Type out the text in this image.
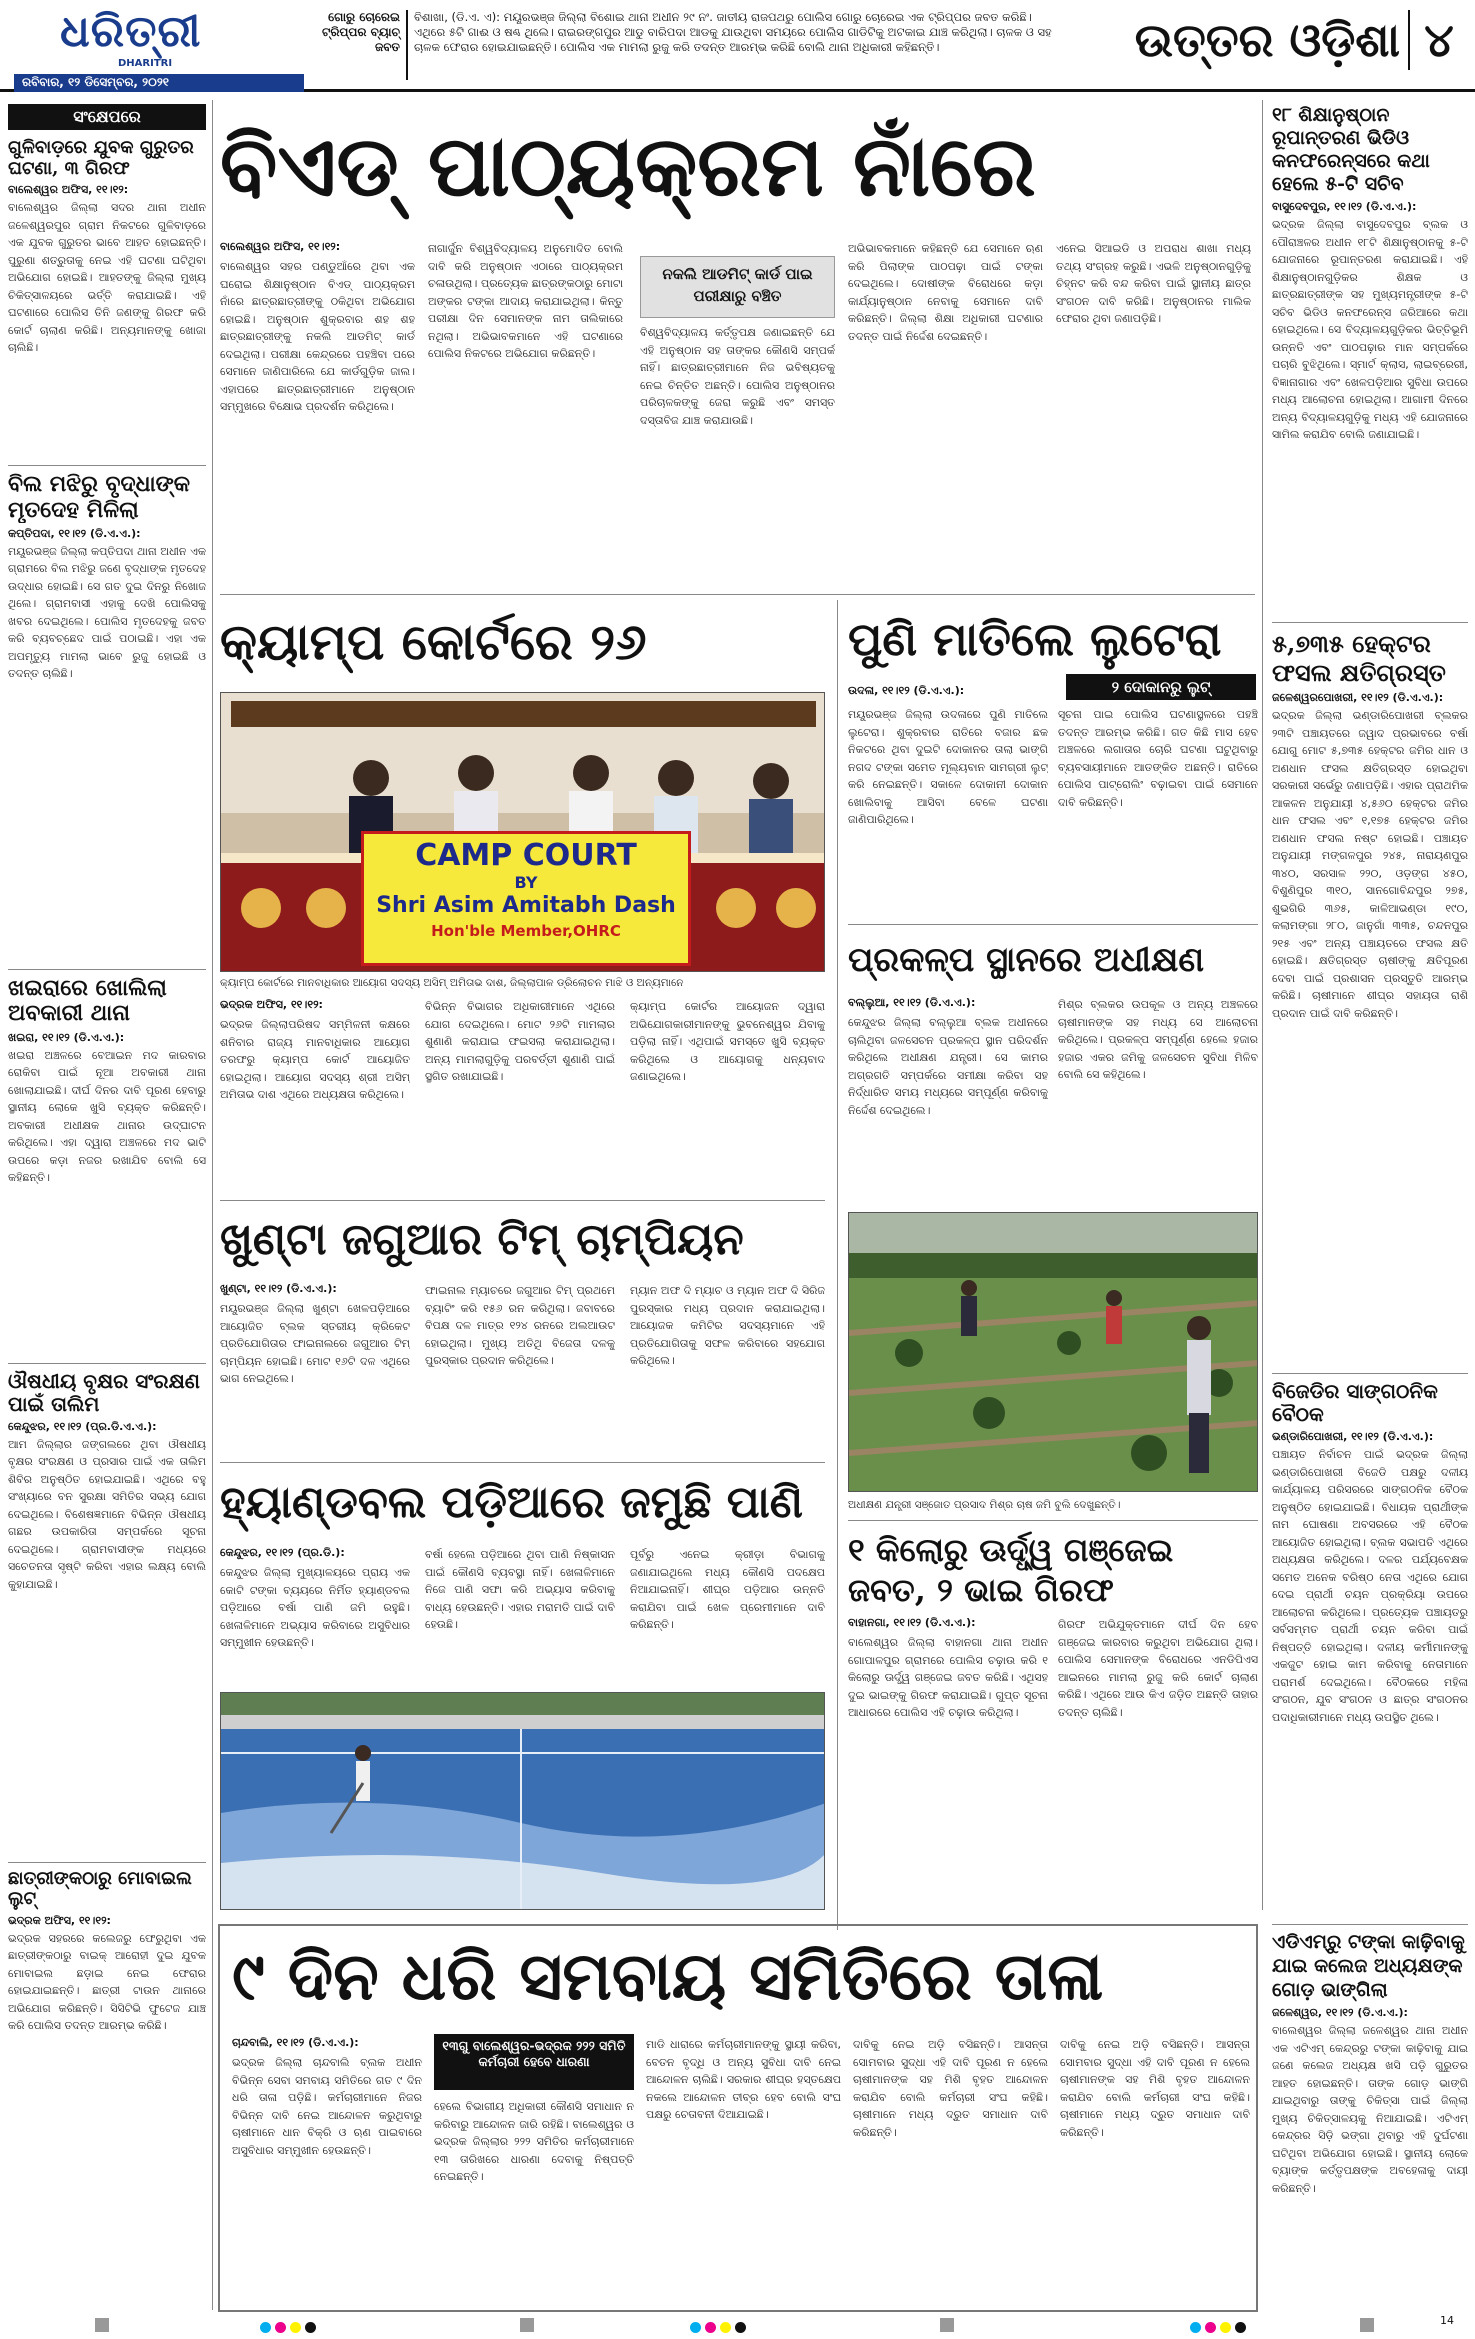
ଧରିତ୍ରୀ
DHARITRI
ରବିବାର, ୧୨ ଡିସେମ୍ବର, ୨୦୨୧
ଗୋରୁ ଚୋରେଇ ଟ୍ରିପ୍ପର ବ୍ୟାଚ୍ ଜବତ
ବିଶାଖା, (ଡି.ଏ. ଏ): ମୟୂରଭଞ୍ଜ ଜିଲ୍ଲା ବିଶୋଇ ଥାନା ଅଧୀନ ୨୯ ନଂ. ଜାତୀୟ ରାଜପଥରୁ ପୋଲିସ ଗୋରୁ ଚୋରେଇ ଏକ ଟ୍ରିପ୍ପର ଜବତ କରିଛି। ଏଥିରେ ୫ଟି ଗାଈ ଓ ଷଣ୍ଢ ଥିଲେ। ରାଇରଙ୍ଗପୁର ଆଡୁ ବାରିପଦା ଆଡକୁ ଯାଉଥିବା ସମୟରେ ପୋଲିସ ଗାଡିଟିକୁ ଅଟକାଇ ଯାଞ୍ଚ କରିଥିଲା। ଚାଳକ ଓ ସହ ଚାଳକ ଫେରାର ହୋଇଯାଇଛନ୍ତି। ପୋଲିସ ଏକ ମାମଲା ରୁଜୁ କରି ତଦନ୍ତ ଆରମ୍ଭ କରିଛି ବୋଲି ଥାନା ଅଧିକାରୀ କହିଛନ୍ତି।	ଉତ୍ତର ଓଡ଼ିଶା ୪
ସଂକ୍ଷେପରେ
ଗୁଳିବାଡ଼ରେ ଯୁବକ ଗୁରୁତର ଘଟଣା, ୩ ଗିରଫ
ବାଲେଶ୍ୱର ଅଫିସ, ୧୧।୧୨:
ବାଲେଶ୍ୱର ଜିଲ୍ଲା ସଦର ଥାନା ଅଧୀନ ଜଳେଶ୍ୱରପୁର ଗ୍ରାମ ନିକଟରେ ଗୁଳିବାଡ଼ରେ ଏକ ଯୁବକ ଗୁରୁତର ଭାବେ ଆହତ ହୋଇଛନ୍ତି। ପୁରୁଣା ଶତ୍ରୁତାକୁ ନେଇ ଏହି ଘଟଣା ଘଟିଥିବା ଅଭିଯୋଗ ହୋଇଛି। ଆହତଙ୍କୁ ଜିଲ୍ଲା ମୁଖ୍ୟ ଚିକିତ୍ସାଳୟରେ ଭର୍ତ୍ତି କରାଯାଇଛି। ଏହି ଘଟଣାରେ ପୋଲିସ ତିନି ଜଣଙ୍କୁ ଗିରଫ କରି କୋର୍ଟ ଚାଲାଣ କରିଛି। ଅନ୍ୟମାନଙ୍କୁ ଖୋଜା ଚାଲିଛି।
ବିଲ ମଝିରୁ ବୃଦ୍ଧାଙ୍କ ମୃତଦେହ ମିଳିଲା
କପ୍ତିପଦା, ୧୧।୧୨ (ଡି.ଏ.ଏ.):
ମୟୂରଭଞ୍ଜ ଜିଲ୍ଲା କପ୍ତିପଦା ଥାନା ଅଧୀନ ଏକ ଗ୍ରାମରେ ବିଲ ମଝିରୁ ଜଣେ ବୃଦ୍ଧାଙ୍କ ମୃତଦେହ ଉଦ୍ଧାର ହୋଇଛି। ସେ ଗତ ଦୁଇ ଦିନରୁ ନିଖୋଜ ଥିଲେ। ଗ୍ରାମବାସୀ ଏହାକୁ ଦେଖି ପୋଲିସକୁ ଖବର ଦେଇଥିଲେ। ପୋଲିସ ମୃତଦେହକୁ ଜବତ କରି ବ୍ୟବଚ୍ଛେଦ ପାଇଁ ପଠାଇଛି। ଏହା ଏକ ଅପମୃତ୍ୟୁ ମାମଲା ଭାବେ ରୁଜୁ ହୋଇଛି ଓ ତଦନ୍ତ ଚାଲିଛି।
ଖଇରାରେ ଖୋଲିଲା ଅବକାରୀ ଥାନା
ଖଇରା, ୧୧।୧୨ (ଡି.ଏ.ଏ.):
ଖଇରା ଅଞ୍ଚଳରେ ବେଆଇନ ମଦ କାରବାର ରୋକିବା ପାଇଁ ନୂଆ ଅବକାରୀ ଥାନା ଖୋଲାଯାଇଛି। ଦୀର୍ଘ ଦିନର ଦାବି ପୂରଣ ହେବାରୁ ସ୍ଥାନୀୟ ଲୋକେ ଖୁସି ବ୍ୟକ୍ତ କରିଛନ୍ତି। ଅବକାରୀ ଅଧୀକ୍ଷକ ଥାନାର ଉଦ୍‌ଘାଟନ କରିଥିଲେ। ଏହା ଦ୍ୱାରା ଅଞ୍ଚଳରେ ମଦ ଭାଟି ଉପରେ କଡ଼ା ନଜର ରଖାଯିବ ବୋଲି ସେ କହିଛନ୍ତି।
ଔଷଧୀୟ ବୃକ୍ଷର ସଂରକ୍ଷଣ ପାଇଁ ତାଲିମ
କେନ୍ଦୁଝର, ୧୧।୧୨ (ପ୍ର.ଡି.ଏ.ଏ.):
ଆମ ଜିଲ୍ଲାର ଜଙ୍ଗଲରେ ଥିବା ଔଷଧୀୟ ବୃକ୍ଷର ସଂରକ୍ଷଣ ଓ ପ୍ରସାର ପାଇଁ ଏକ ତାଲିମ ଶିବିର ଅନୁଷ୍ଠିତ ହୋଇଯାଇଛି। ଏଥିରେ ବହୁ ସଂଖ୍ୟାରେ ବନ ସୁରକ୍ଷା ସମିତିର ସଭ୍ୟ ଯୋଗ ଦେଇଥିଲେ। ବିଶେଷଜ୍ଞମାନେ ବିଭିନ୍ନ ଔଷଧୀୟ ଗଛର ଉପକାରିତା ସମ୍ପର୍କରେ ସୂଚନା ଦେଇଥିଲେ। ଗ୍ରାମବାସୀଙ୍କ ମଧ୍ୟରେ ସଚେତନତା ସୃଷ୍ଟି କରିବା ଏହାର ଲକ୍ଷ୍ୟ ବୋଲି କୁହାଯାଇଛି।
ଛାତ୍ରୀଙ୍କଠାରୁ ମୋବାଇଲ ଲୁଟ୍
ଭଦ୍ରକ ଅଫିସ, ୧୧।୧୨:
ଭଦ୍ରକ ସହରରେ କଲେଜରୁ ଫେରୁଥିବା ଏକ ଛାତ୍ରୀଙ୍କଠାରୁ ବାଇକ୍ ଆରୋହୀ ଦୁଇ ଯୁବକ ମୋବାଇଲ ଛଡ଼ାଇ ନେଇ ଫେରାର ହୋଇଯାଇଛନ୍ତି। ଛାତ୍ରୀ ଟାଉନ ଥାନାରେ ଅଭିଯୋଗ କରିଛନ୍ତି। ସିସିଟିଭି ଫୁଟେଜ ଯାଞ୍ଚ କରି ପୋଲିସ ତଦନ୍ତ ଆରମ୍ଭ କରିଛି।
ବିଏଡ୍ ପାଠ୍ୟକ୍ରମ ନାଁରେ
ବାଲେଶ୍ୱର ଅଫିସ, ୧୧।୧୨:
ବାଲେଶ୍ୱର ସହର ପଣ୍ଡୁଆଁରେ ଥିବା ଏକ ଘରୋଇ ଶିକ୍ଷାନୁଷ୍ଠାନ ବିଏଡ୍ ପାଠ୍ୟକ୍ରମ ନାଁରେ ଛାତ୍ରଛାତ୍ରୀଙ୍କୁ ଠକିଥିବା ଅଭିଯୋଗ ହୋଇଛି। ଅନୁଷ୍ଠାନ ଶୁକ୍ରବାର ଶହ ଶହ ଛାତ୍ରଛାତ୍ରୀଙ୍କୁ ନକଲି ଆଡମିଟ୍ କାର୍ଡ ଦେଇଥିଲା। ପରୀକ୍ଷା କେନ୍ଦ୍ରରେ ପହଞ୍ଚିବା ପରେ ସେମାନେ ଜାଣିପାରିଲେ ଯେ କାର୍ଡଗୁଡ଼ିକ ଜାଲ। ଏହାପରେ ଛାତ୍ରଛାତ୍ରୀମାନେ ଅନୁଷ୍ଠାନ ସମ୍ମୁଖରେ ବିକ୍ଷୋଭ ପ୍ରଦର୍ଶନ କରିଥିଲେ।
ନାଗାର୍ଜୁନ ବିଶ୍ୱବିଦ୍ୟାଳୟ ଅନୁମୋଦିତ ବୋଲି ଦାବି କରି ଅନୁଷ୍ଠାନ ଏଠାରେ ପାଠ୍ୟକ୍ରମ ଚଳାଉଥିଲା। ପ୍ରତ୍ୟେକ ଛାତ୍ରଙ୍କଠାରୁ ମୋଟା ଅଙ୍କର ଟଙ୍କା ଆଦାୟ କରାଯାଇଥିଲା। କିନ୍ତୁ ପରୀକ୍ଷା ଦିନ ସେମାନଙ୍କ ନାମ ତାଲିକାରେ ନଥିଲା। ଅଭିଭାବକମାନେ ଏହି ଘଟଣାରେ ପୋଲିସ ନିକଟରେ ଅଭିଯୋଗ କରିଛନ୍ତି।
ନକଲି ଆଡମିଟ୍ କାର୍ଡ ପାଇ ପରୀକ୍ଷାରୁ ବଞ୍ଚିତ
ବିଶ୍ୱବିଦ୍ୟାଳୟ କର୍ତ୍ତୃପକ୍ଷ ଜଣାଇଛନ୍ତି ଯେ ଏହି ଅନୁଷ୍ଠାନ ସହ ତାଙ୍କର କୌଣସି ସମ୍ପର୍କ ନାହିଁ। ଛାତ୍ରଛାତ୍ରୀମାନେ ନିଜ ଭବିଷ୍ୟତକୁ ନେଇ ଚିନ୍ତିତ ଅଛନ୍ତି। ପୋଲିସ ଅନୁଷ୍ଠାନର ପରିଚାଳକଙ୍କୁ ଜେରା କରୁଛି ଏବଂ ସମସ୍ତ ଦସ୍ତାବିଜ ଯାଞ୍ଚ କରାଯାଉଛି।
ଅଭିଭାବକମାନେ କହିଛନ୍ତି ଯେ ସେମାନେ ଋଣ କରି ପିଲାଙ୍କ ପାଠପଢ଼ା ପାଇଁ ଟଙ୍କା ଦେଇଥିଲେ। ଦୋଷୀଙ୍କ ବିରୋଧରେ କଡ଼ା କାର୍ଯ୍ୟାନୁଷ୍ଠାନ ନେବାକୁ ସେମାନେ ଦାବି କରିଛନ୍ତି। ଜିଲ୍ଲା ଶିକ୍ଷା ଅଧିକାରୀ ଘଟଣାର ତଦନ୍ତ ପାଇଁ ନିର୍ଦ୍ଦେଶ ଦେଇଛନ୍ତି।
ଏନେଇ ସିଆଇଡି ଓ ଅପରାଧ ଶାଖା ମଧ୍ୟ ତଥ୍ୟ ସଂଗ୍ରହ କରୁଛି। ଏଭଳି ଅନୁଷ୍ଠାନଗୁଡ଼ିକୁ ଚିହ୍ନଟ କରି ବନ୍ଦ କରିବା ପାଇଁ ସ୍ଥାନୀୟ ଛାତ୍ର ସଂଗଠନ ଦାବି କରିଛି। ଅନୁଷ୍ଠାନର ମାଲିକ ଫେରାର ଥିବା ଜଣାପଡ଼ିଛି।
କ୍ୟାମ୍ପ କୋର୍ଟରେ ୨୬
CAMP COURT
BY
Shri Asim Amitabh Dash
Hon'ble Member,OHRC
କ୍ୟାମ୍ପ କୋର୍ଟରେ ମାନବାଧିକାର ଆୟୋଗ ସଦସ୍ୟ ଅସିମ୍ ଅମିତାଭ ଦାଶ, ଜିଲ୍ଲାପାଳ ଡ୍ରିଲୋଚନ ମାଝି ଓ ଅନ୍ୟମାନେ
ଭଦ୍ରକ ଅଫିସ, ୧୧।୧୨:
ଭଦ୍ରକ ଜିଲ୍ଲାପରିଷଦ ସମ୍ମିଳନୀ କକ୍ଷରେ ଶନିବାର ରାଜ୍ୟ ମାନବାଧିକାର ଆୟୋଗ ତରଫରୁ କ୍ୟାମ୍ପ କୋର୍ଟ ଆୟୋଜିତ ହୋଇଥିଲା। ଆୟୋଗ ସଦସ୍ୟ ଶ୍ରୀ ଅସିମ୍ ଅମିତାଭ ଦାଶ ଏଥିରେ ଅଧ୍ୟକ୍ଷତା କରିଥିଲେ।
ବିଭିନ୍ନ ବିଭାଗର ଅଧିକାରୀମାନେ ଏଥିରେ ଯୋଗ ଦେଇଥିଲେ। ମୋଟ ୨୬ଟି ମାମଲାର ଶୁଣାଣି କରାଯାଇ ଫଇସଲା କରାଯାଇଥିଲା। ଅନ୍ୟ ମାମଲାଗୁଡ଼ିକୁ ପରବର୍ତ୍ତୀ ଶୁଣାଣି ପାଇଁ ସ୍ଥଗିତ ରଖାଯାଇଛି।
କ୍ୟାମ୍ପ କୋର୍ଟର ଆୟୋଜନ ଦ୍ୱାରା ଅଭିଯୋଗକାରୀମାନଙ୍କୁ ଭୁବନେଶ୍ୱର ଯିବାକୁ ପଡ଼ିଲା ନାହିଁ। ଏଥିପାଇଁ ସମସ୍ତେ ଖୁସି ବ୍ୟକ୍ତ କରିଥିଲେ ଓ ଆୟୋଗକୁ ଧନ୍ୟବାଦ ଜଣାଇଥିଲେ।
ପୁଣି ମାତିଲେ ଲୁଟେରା
ଉଦଳା, ୧୧।୧୨ (ଡି.ଏ.ଏ.):	୨ ଦୋକାନରୁ ଲୁଟ୍
ମୟୂରଭଞ୍ଜ ଜିଲ୍ଲା ଉଦଳାରେ ପୁଣି ମାତିଲେ ଲୁଟେରା। ଶୁକ୍ରବାର ରାତିରେ ବଜାର ଛକ ନିକଟରେ ଥିବା ଦୁଇଟି ଦୋକାନର ତାଲା ଭାଙ୍ଗି ନଗଦ ଟଙ୍କା ସମେତ ମୂଲ୍ୟବାନ ସାମଗ୍ରୀ ଲୁଟ୍ କରି ନେଇଛନ୍ତି। ସକାଳେ ଦୋକାନୀ ଦୋକାନ ଖୋଲିବାକୁ ଆସିବା ବେଳେ ଘଟଣା ଜାଣିପାରିଥିଲେ।
ସୂଚନା ପାଇ ପୋଲିସ ଘଟଣାସ୍ଥଳରେ ପହଞ୍ଚି ତଦନ୍ତ ଆରମ୍ଭ କରିଛି। ଗତ କିଛି ମାସ ହେବ ଅଞ୍ଚଳରେ ଲଗାତାର ଚୋରି ଘଟଣା ଘଟୁଥିବାରୁ ବ୍ୟବସାୟୀମାନେ ଆତଙ୍କିତ ଅଛନ୍ତି। ରାତିରେ ପୋଲିସ ପାଟ୍ରୋଲିଂ ବଢ଼ାଇବା ପାଇଁ ସେମାନେ ଦାବି କରିଛନ୍ତି।
ପ୍ରକଳ୍ପ ସ୍ଥାନରେ ଅଧୀକ୍ଷଣ
ବଲ୍ଲୁଆ, ୧୧।୧୨ (ଡି.ଏ.ଏ.):
କେନ୍ଦୁଝର ଜିଲ୍ଲା ବଲ୍ଲୁଆ ବ୍ଲକ ଅଧୀନରେ ଚାଲିଥିବା ଜଳସେଚନ ପ୍ରକଳ୍ପ ସ୍ଥାନ ପରିଦର୍ଶନ କରିଥିଲେ ଅଧୀକ୍ଷଣ ଯନ୍ତ୍ରୀ। ସେ କାମର ଅଗ୍ରଗତି ସମ୍ପର୍କରେ ସମୀକ୍ଷା କରିବା ସହ ନିର୍ଦ୍ଧାରିତ ସମୟ ମଧ୍ୟରେ ସମ୍ପୂର୍ଣ୍ଣ କରିବାକୁ ନିର୍ଦ୍ଦେଶ ଦେଇଥିଲେ।
ମିଶ୍ର ବ୍ଲକର ଉପକୂଳ ଓ ଅନ୍ୟ ଅଞ୍ଚଳରେ ଚାଷୀମାନଙ୍କ ସହ ମଧ୍ୟ ସେ ଆଲୋଚନା କରିଥିଲେ। ପ୍ରକଳ୍ପ ସମ୍ପୂର୍ଣ୍ଣ ହେଲେ ହଜାର ହଜାର ଏକର ଜମିକୁ ଜଳସେଚନ ସୁବିଧା ମିଳିବ ବୋଲି ସେ କହିଥିଲେ।
ଅଧୀକ୍ଷଣ ଯନ୍ତ୍ରୀ ସଞ୍ଜୋତ ପ୍ରସାଦ ମିଶ୍ର ଚାଷ ଜମି ବୁଲି ଦେଖୁଛନ୍ତି।
ଖୁଣ୍ଟା ଜଗୁଆର ଟିମ୍ ଚାମ୍ପିୟନ
ଖୁଣ୍ଟା, ୧୧।୧୨ (ଡି.ଏ.ଏ.):
ମୟୂରଭଞ୍ଜ ଜିଲ୍ଲା ଖୁଣ୍ଟା ଖେଳପଡ଼ିଆରେ ଆୟୋଜିତ ବ୍ଲକ ସ୍ତରୀୟ କ୍ରିକେଟ ପ୍ରତିଯୋଗିତାର ଫାଇନାଲରେ ଜଗୁଆର ଟିମ୍ ଚାମ୍ପିୟନ ହୋଇଛି। ମୋଟ ୧୬ଟି ଦଳ ଏଥିରେ ଭାଗ ନେଇଥିଲେ।
ଫାଇନାଲ ମ୍ୟାଚରେ ଜଗୁଆର ଟିମ୍ ପ୍ରଥମେ ବ୍ୟାଟିଂ କରି ୧୫୬ ରନ କରିଥିଲା। ଜବାବରେ ବିପକ୍ଷ ଦଳ ମାତ୍ର ୧୨୪ ରନରେ ଅଲଆଉଟ ହୋଇଥିଲା। ମୁଖ୍ୟ ଅତିଥି ବିଜେତା ଦଳକୁ ପୁରସ୍କାର ପ୍ରଦାନ କରିଥିଲେ।
ମ୍ୟାନ ଅଫ ଦି ମ୍ୟାଚ ଓ ମ୍ୟାନ ଅଫ ଦି ସିରିଜ ପୁରସ୍କାର ମଧ୍ୟ ପ୍ରଦାନ କରାଯାଇଥିଲା। ଆୟୋଜକ କମିଟିର ସଦସ୍ୟମାନେ ଏହି ପ୍ରତିଯୋଗିତାକୁ ସଫଳ କରିବାରେ ସହଯୋଗ କରିଥିଲେ।
ହ୍ୟାଣ୍ଡବଲ ପଡ଼ିଆରେ ଜମୁଛି ପାଣି
କେନ୍ଦୁଝର, ୧୧।୧୨ (ପ୍ର.ଡି.):
କେନ୍ଦୁଝର ଜିଲ୍ଲା ମୁଖ୍ୟାଳୟରେ ପ୍ରାୟ ଏକ କୋଟି ଟଙ୍କା ବ୍ୟୟରେ ନିର୍ମିତ ହ୍ୟାଣ୍ଡବଲ ପଡ଼ିଆରେ ବର୍ଷା ପାଣି ଜମି ରହୁଛି। ଖେଳାଳିମାନେ ଅଭ୍ୟାସ କରିବାରେ ଅସୁବିଧାର ସମ୍ମୁଖୀନ ହେଉଛନ୍ତି।
ବର୍ଷା ହେଲେ ପଡ଼ିଆରେ ଥିବା ପାଣି ନିଷ୍କାସନ ପାଇଁ କୌଣସି ବ୍ୟବସ୍ଥା ନାହିଁ। ଖେଳାଳିମାନେ ନିଜେ ପାଣି ସଫା କରି ଅଭ୍ୟାସ କରିବାକୁ ବାଧ୍ୟ ହେଉଛନ୍ତି। ଏହାର ମରାମତି ପାଇଁ ଦାବି ହେଉଛି।
ପୂର୍ବରୁ ଏନେଇ କ୍ରୀଡ଼ା ବିଭାଗକୁ ଜଣାଯାଇଥିଲେ ମଧ୍ୟ କୌଣସି ପଦକ୍ଷେପ ନିଆଯାଇନାହିଁ। ଶୀଘ୍ର ପଡ଼ିଆର ଉନ୍ନତି କରାଯିବା ପାଇଁ ଖେଳ ପ୍ରେମୀମାନେ ଦାବି କରିଛନ୍ତି।
୧ କିଲୋରୁ ଊର୍ଦ୍ଧ୍ୱ ଗଞ୍ଜେଇ ଜବତ, ୨ ଭାଇ ଗିରଫ
ବାହାନଗା, ୧୧।୧୨ (ଡି.ଏ.ଏ.):
ବାଲେଶ୍ୱର ଜିଲ୍ଲା ବାହାନଗା ଥାନା ଅଧୀନ ଗୋପାଳପୁର ଗ୍ରାମରେ ପୋଲିସ ଚଢ଼ାଉ କରି ୧ କିଲୋରୁ ଊର୍ଦ୍ଧ୍ୱ ଗଞ୍ଜେଇ ଜବତ କରିଛି। ଏଥିସହ ଦୁଇ ଭାଇଙ୍କୁ ଗିରଫ କରାଯାଇଛି। ଗୁପ୍ତ ସୂଚନା ଆଧାରରେ ପୋଲିସ ଏହି ଚଢ଼ାଉ କରିଥିଲା।
ଗିରଫ ଅଭିଯୁକ୍ତମାନେ ଦୀର୍ଘ ଦିନ ହେବ ଗଞ୍ଜେଇ କାରବାର କରୁଥିବା ଅଭିଯୋଗ ଥିଲା। ପୋଲିସ ସେମାନଙ୍କ ବିରୋଧରେ ଏନଡିପିଏସ ଆଇନରେ ମାମଲା ରୁଜୁ କରି କୋର୍ଟ ଚାଲାଣ କରିଛି। ଏଥିରେ ଆଉ କିଏ ଜଡ଼ିତ ଅଛନ୍ତି ତାହାର ତଦନ୍ତ ଚାଲିଛି।
୧୮ ଶିକ୍ଷାନୁଷ୍ଠାନ ରୂପାନ୍ତରଣ ଭିଡିଓ କନଫରେନ୍ସରେ କଥା ହେଲେ ୫-ଟି ସଚିବ
ବାସୁଦେବପୁର, ୧୧।୧୨ (ଡି.ଏ.ଏ.):
ଭଦ୍ରକ ଜିଲ୍ଲା ବାସୁଦେବପୁର ବ୍ଲକ ଓ ପୌରାଞ୍ଚଳର ଅଧୀନ ୧୮ଟି ଶିକ୍ଷାନୁଷ୍ଠାନକୁ ୫-ଟି ଯୋଜନାରେ ରୂପାନ୍ତରଣ କରାଯାଇଛି। ଏହି ଶିକ୍ଷାନୁଷ୍ଠାନଗୁଡ଼ିକର ଶିକ୍ଷକ ଓ ଛାତ୍ରଛାତ୍ରୀଙ୍କ ସହ ମୁଖ୍ୟମନ୍ତ୍ରୀଙ୍କ ୫-ଟି ସଚିବ ଭିଡିଓ କନଫରେନ୍ସ ଜରିଆରେ କଥା ହୋଇଥିଲେ। ସେ ବିଦ୍ୟାଳୟଗୁଡ଼ିକର ଭିତ୍ତିଭୂମି ଉନ୍ନତି ଏବଂ ପାଠପଢ଼ାର ମାନ ସମ୍ପର୍କରେ ପଚାରି ବୁଝିଥିଲେ। ସ୍ମାର୍ଟ କ୍ଲାସ, ଲାଇବ୍ରେରୀ, ବିଜ୍ଞାନାଗାର ଏବଂ ଖେଳପଡ଼ିଆର ସୁବିଧା ଉପରେ ମଧ୍ୟ ଆଲୋଚନା ହୋଇଥିଲା। ଆଗାମୀ ଦିନରେ ଅନ୍ୟ ବିଦ୍ୟାଳୟଗୁଡ଼ିକୁ ମଧ୍ୟ ଏହି ଯୋଜନାରେ ସାମିଲ କରାଯିବ ବୋଲି ଜଣାଯାଇଛି।
୫,୭୩୫ ହେକ୍ଟର ଫସଲ କ୍ଷତିଗ୍ରସ୍ତ
ଜଳେଶ୍ୱରପୋଖରୀ, ୧୧।୧୨ (ଡି.ଏ.ଏ.):
ଭଦ୍ରକ ଜିଲ୍ଲା ଭଣ୍ଡାରିପୋଖରୀ ବ୍ଲକର ୨୩ଟି ପଞ୍ଚାୟତରେ ଜୱାଦ ପ୍ରଭାବରେ ବର୍ଷା ଯୋଗୁ ମୋଟ ୫,୭୩୫ ହେକ୍ଟର ଜମିର ଧାନ ଓ ଅଣଧାନ ଫସଲ କ୍ଷତିଗ୍ରସ୍ତ ହୋଇଥିବା ସରକାରୀ ସର୍ଭେରୁ ଜଣାପଡ଼ିଛି। ଏହାର ପ୍ରାଥମିକ ଆକଳନ ଅନୁଯାୟୀ ୪,୫୬୦ ହେକ୍ଟର ଜମିର ଧାନ ଫସଲ ଏବଂ ୧,୧୭୫ ହେକ୍ଟର ଜମିର ଅଣଧାନ ଫସଲ ନଷ୍ଟ ହୋଇଛି। ପଞ୍ଚାୟତ ଅନୁଯାୟୀ ମଙ୍ଗଳପୁର ୨୪୫, ନାରାୟଣପୁର ୩୪୦, ସରସାଳ ୨୨୦, ଓଡ଼ଙ୍ଗ ୪୫୦, ବିଶୁଣିପୁର ୩୧୦, ସାନଗୋବିନ୍ଦପୁର ୨୭୫, ଶୁଭଗିରି ୩୬୫, କାଳିଆଭଣ୍ଡା ୧୯୦, କଲାମଙ୍ଗା ୨୮୦, ଜାନୁଗାଁ ୩୩୫, ଚନ୍ଦନପୁର ୨୧୫ ଏବଂ ଅନ୍ୟ ପଞ୍ଚାୟତରେ ଫସଲ କ୍ଷତି ହୋଇଛି। କ୍ଷତିଗ୍ରସ୍ତ ଚାଷୀଙ୍କୁ କ୍ଷତିପୂରଣ ଦେବା ପାଇଁ ପ୍ରଶାସନ ପ୍ରସ୍ତୁତି ଆରମ୍ଭ କରିଛି। ଚାଷୀମାନେ ଶୀଘ୍ର ସହାୟତା ରାଶି ପ୍ରଦାନ ପାଇଁ ଦାବି କରିଛନ୍ତି।
ବିଜେଡିର ସାଙ୍ଗଠନିକ ବୈଠକ
ଭଣ୍ଡାରିପୋଖରୀ, ୧୧।୧୨ (ଡି.ଏ.ଏ.):
ପଞ୍ଚାୟତ ନିର୍ବାଚନ ପାଇଁ ଭଦ୍ରକ ଜିଲ୍ଲା ଭଣ୍ଡାରିପୋଖରୀ ବିଜେଡି ପକ୍ଷରୁ ଦଳୀୟ କାର୍ଯ୍ୟାଳୟ ପରିସରରେ ସାଙ୍ଗଠନିକ ବୈଠକ ଅନୁଷ୍ଠିତ ହୋଇଯାଇଛି। ବିଧାୟକ ପ୍ରାର୍ଥୀଙ୍କ ନାମ ଘୋଷଣା ଅବସରରେ ଏହି ବୈଠକ ଆୟୋଜିତ ହୋଇଥିଲା। ବ୍ଲକ ସଭାପତି ଏଥିରେ ଅଧ୍ୟକ୍ଷତା କରିଥିଲେ। ଦଳର ପର୍ଯ୍ୟବେକ୍ଷକ ସମେତ ଅନେକ ବରିଷ୍ଠ ନେତା ଏଥିରେ ଯୋଗ ଦେଇ ପ୍ରାର୍ଥୀ ଚୟନ ପ୍ରକ୍ରିୟା ଉପରେ ଆଲୋଚନା କରିଥିଲେ। ପ୍ରତ୍ୟେକ ପଞ୍ଚାୟତରୁ ସର୍ବସମ୍ମତ ପ୍ରାର୍ଥୀ ଚୟନ କରିବା ପାଇଁ ନିଷ୍ପତ୍ତି ହୋଇଥିଲା। ଦଳୀୟ କର୍ମୀମାନଙ୍କୁ ଏକଜୁଟ ହୋଇ କାମ କରିବାକୁ ନେତାମାନେ ପରାମର୍ଶ ଦେଇଥିଲେ। ବୈଠକରେ ମହିଳା ସଂଗଠନ, ଯୁବ ସଂଗଠନ ଓ ଛାତ୍ର ସଂଗଠନର ପଦାଧିକାରୀମାନେ ମଧ୍ୟ ଉପସ୍ଥିତ ଥିଲେ।
୯ ଦିନ ଧରି ସମବାୟ ସମିତିରେ ତାଳା
ଚାନ୍ଦବାଲି, ୧୧।୧୨ (ଡି.ଏ.ଏ.):
ଭଦ୍ରକ ଜିଲ୍ଲା ଚାନ୍ଦବାଲି ବ୍ଲକ ଅଧୀନ ବିଭିନ୍ନ ସେବା ସମବାୟ ସମିତିରେ ଗତ ୯ ଦିନ ଧରି ତାଳା ପଡ଼ିଛି। କର୍ମଚାରୀମାନେ ନିଜର ବିଭିନ୍ନ ଦାବି ନେଇ ଆନ୍ଦୋଳନ କରୁଥିବାରୁ ଚାଷୀମାନେ ଧାନ ବିକ୍ରି ଓ ଋଣ ପାଇବାରେ ଅସୁବିଧାର ସମ୍ମୁଖୀନ ହେଉଛନ୍ତି।
୧୩ଗୁ ବାଲେଶ୍ୱର-ଭଦ୍ରକ ୨୨୨ ସମିତି କର୍ମଚାରୀ ହେବେ ଧାରଣା
ହେଲେ ବିଭାଗୀୟ ଅଧିକାରୀ କୌଣସି ସମାଧାନ ନ କରିବାରୁ ଆନ୍ଦୋଳନ ଜାରି ରହିଛି। ବାଲେଶ୍ୱର ଓ ଭଦ୍ରକ ଜିଲ୍ଲାର ୨୨୨ ସମିତିର କର୍ମଚାରୀମାନେ ୧୩ ତାରିଖରେ ଧାରଣା ଦେବାକୁ ନିଷ୍ପତ୍ତି ନେଇଛନ୍ତି।
ମାଡି ଧାରାରେ କର୍ମଚାରୀମାନଙ୍କୁ ସ୍ଥାୟୀ କରିବା, ବେତନ ବୃଦ୍ଧି ଓ ଅନ୍ୟ ସୁବିଧା ଦାବି ନେଇ ଆନ୍ଦୋଳନ ଚାଲିଛି। ସରକାର ଶୀଘ୍ର ହସ୍ତକ୍ଷେପ ନକଲେ ଆନ୍ଦୋଳନ ତୀବ୍ର ହେବ ବୋଲି ସଂଘ ପକ୍ଷରୁ ଚେତାବନୀ ଦିଆଯାଇଛି।
ଦାବିକୁ ନେଇ ଅଡ଼ି ବସିଛନ୍ତି। ଆସନ୍ତା ସୋମବାର ସୁଦ୍ଧା ଏହି ଦାବି ପୂରଣ ନ ହେଲେ ଚାଷୀମାନଙ୍କ ସହ ମିଶି ବୃହତ ଆନ୍ଦୋଳନ କରାଯିବ ବୋଲି କର୍ମଚାରୀ ସଂଘ କହିଛି। ଚାଷୀମାନେ ମଧ୍ୟ ଦ୍ରୁତ ସମାଧାନ ଦାବି କରିଛନ୍ତି।
ଦାବିକୁ ନେଇ ଅଡ଼ି ବସିଛନ୍ତି। ଆସନ୍ତା ସୋମବାର ସୁଦ୍ଧା ଏହି ଦାବି ପୂରଣ ନ ହେଲେ ଚାଷୀମାନଙ୍କ ସହ ମିଶି ବୃହତ ଆନ୍ଦୋଳନ କରାଯିବ ବୋଲି କର୍ମଚାରୀ ସଂଘ କହିଛି। ଚାଷୀମାନେ ମଧ୍ୟ ଦ୍ରୁତ ସମାଧାନ ଦାବି କରିଛନ୍ତି।
ଏଡିଏମ୍‌ରୁ ଟଙ୍କା କାଢ଼ିବାକୁ ଯାଇ କଲେଜ ଅଧ୍ୟକ୍ଷଙ୍କ ଗୋଡ଼ ଭାଙ୍ଗିଲା
ଜଳେଶ୍ୱର, ୧୧।୧୨ (ଡି.ଏ.ଏ.):
ବାଲେଶ୍ୱର ଜିଲ୍ଲା ଜଳେଶ୍ୱର ଥାନା ଅଧୀନ ଏକ ଏଟିଏମ୍ କେନ୍ଦ୍ରରୁ ଟଙ୍କା କାଢ଼ିବାକୁ ଯାଇ ଜଣେ କଲେଜ ଅଧ୍ୟକ୍ଷ ଖସି ପଡ଼ି ଗୁରୁତର ଆହତ ହୋଇଛନ୍ତି। ତାଙ୍କ ଗୋଡ଼ ଭାଙ୍ଗି ଯାଇଥିବାରୁ ତାଙ୍କୁ ଚିକିତ୍ସା ପାଇଁ ଜିଲ୍ଲା ମୁଖ୍ୟ ଚିକିତ୍ସାଳୟକୁ ନିଆଯାଇଛି। ଏଟିଏମ୍ କେନ୍ଦ୍ରର ସିଡ଼ି ଭଙ୍ଗା ଥିବାରୁ ଏହି ଦୁର୍ଘଟଣା ଘଟିଥିବା ଅଭିଯୋଗ ହୋଇଛି। ସ୍ଥାନୀୟ ଲୋକେ ବ୍ୟାଙ୍କ କର୍ତ୍ତୃପକ୍ଷଙ୍କ ଅବହେଳାକୁ ଦାୟୀ କରିଛନ୍ତି।
14
